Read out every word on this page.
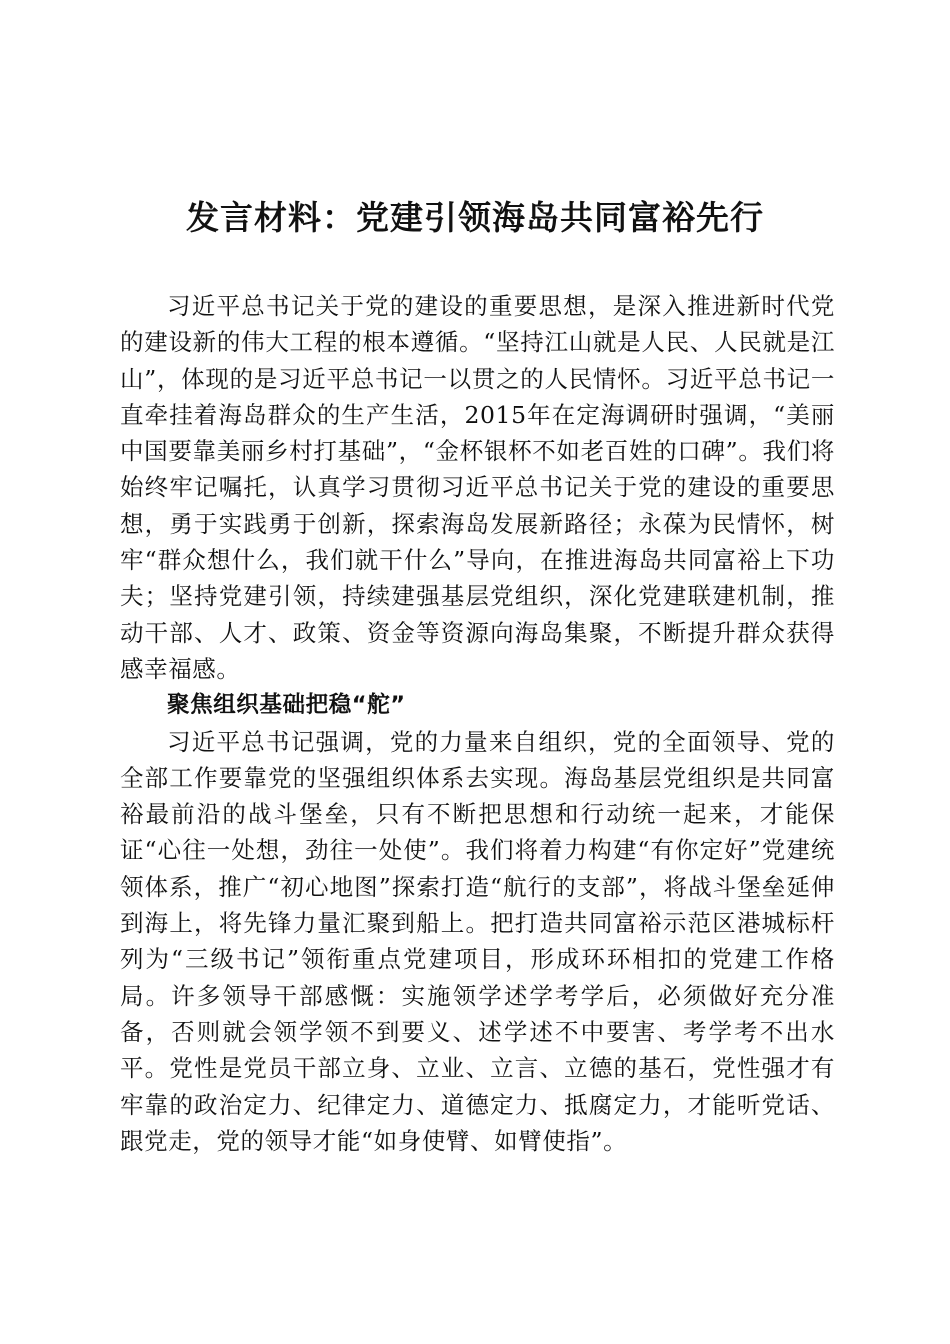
发言材料：党建引领海岛共同富裕先行

习近平总书记关于党的建设的重要思想，是深入推进新时代党的建设新的伟大工程的根本遵循。“坚持江山就是人民、人民就是江山”，体现的是习近平总书记一以贯之的人民情怀。习近平总书记一直牵挂着海岛群众的生产生活，2015年在定海调研时强调，“美丽中国要靠美丽乡村打基础”，“金杯银杯不如老百姓的口碑”。我们将始终牢记嘱托，认真学习贯彻习近平总书记关于党的建设的重要思想，勇于实践勇于创新，探索海岛发展新路径；永葆为民情怀，树牢“群众想什么，我们就干什么”导向，在推进海岛共同富裕上下功夫；坚持党建引领，持续建强基层党组织，深化党建联建机制，推动干部、人才、政策、资金等资源向海岛集聚，不断提升群众获得感幸福感。

聚焦组织基础把稳“舵”

习近平总书记强调，党的力量来自组织，党的全面领导、党的全部工作要靠党的坚强组织体系去实现。海岛基层党组织是共同富裕最前沿的战斗堡垒，只有不断把思想和行动统一起来，才能保证“心往一处想，劲往一处使”。我们将着力构建“有你定好”党建统领体系，推广“初心地图”探索打造“航行的支部”，将战斗堡垒延伸到海上，将先锋力量汇聚到船上。把打造共同富裕示范区港城标杆列为“三级书记”领衔重点党建项目，形成环环相扣的党建工作格局。许多领导干部感慨：实施领学述学考学后，必须做好充分准备，否则就会领学领不到要义、述学述不中要害、考学考不出水平。党性是党员干部立身、立业、立言、立德的基石，党性强才有牢靠的政治定力、纪律定力、道德定力、抵腐定力，才能听党话、跟党走，党的领导才能“如身使臂、如臂使指”。
